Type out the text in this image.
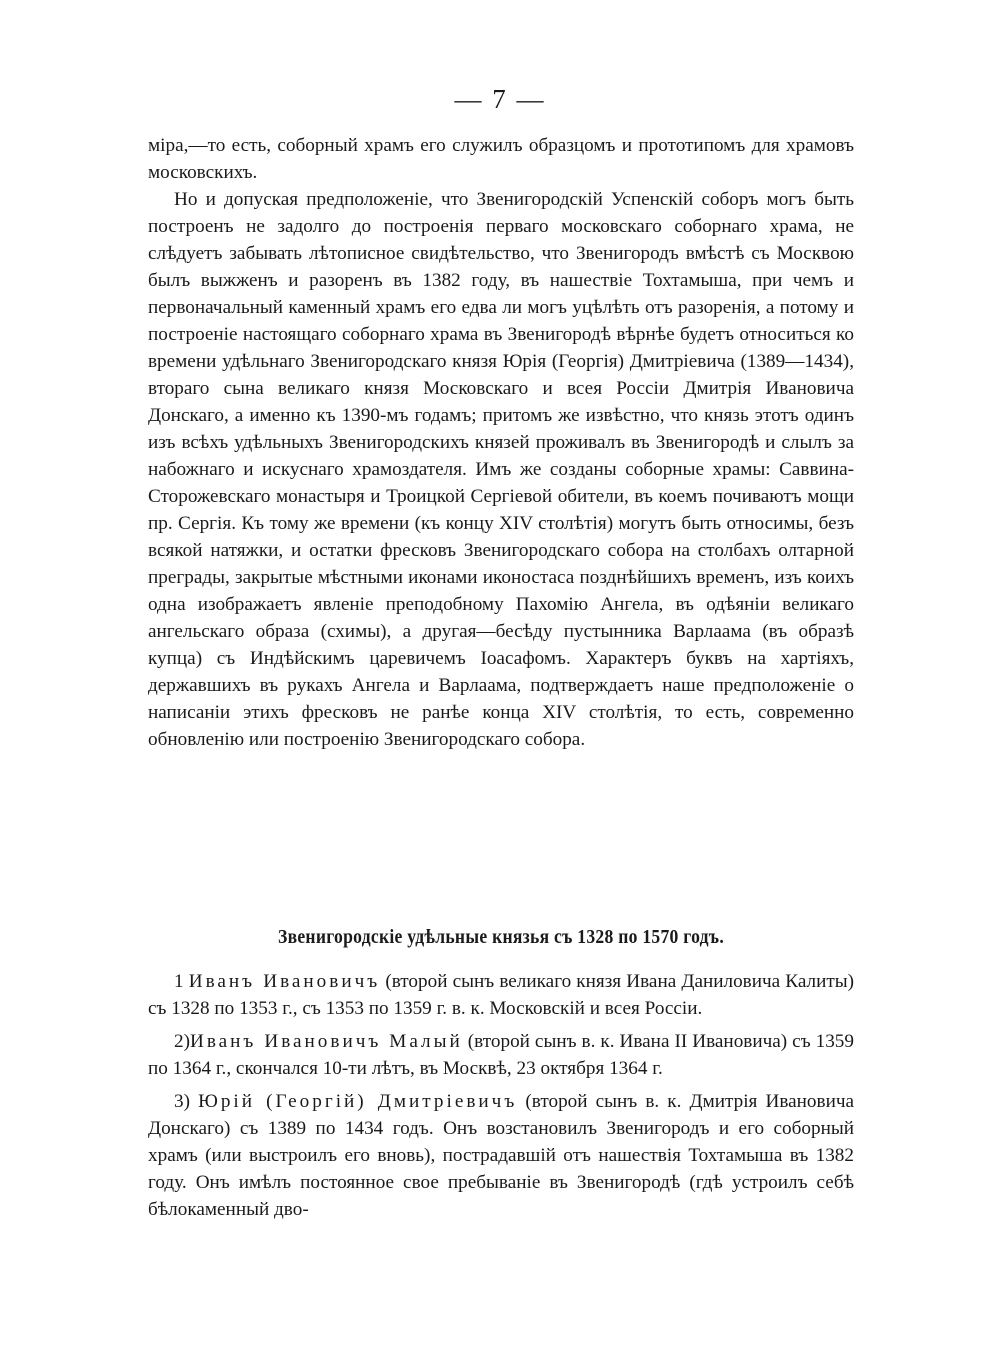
— 7 —

міра,—то есть, соборный храмъ его служилъ образцомъ и прототипомъ для храмовъ московскихъ.

Но и допуская предположеніе, что Звенигородскій Успенскій соборъ могъ быть построенъ не задолго до построенія перваго московскаго соборнаго храма, не слѣдуетъ забывать лѣтописное свидѣтельство, что Звенигородъ вмѣстѣ съ Москвою былъ выжженъ и разоренъ въ 1382 году, въ нашествіе Тохтамыша, при чемъ и первоначальный каменный храмъ его едва ли могъ уцѣлѣть отъ разоренія, а потому и построеніе настоящаго соборнаго храма въ Звенигородѣ вѣрнѣе будетъ относиться ко времени удѣльнаго Звенигородскаго князя Юрія (Георгія) Дмитріевича (1389—1434), втораго сына великаго князя Московскаго и всея Россіи Дмитрія Ивановича Донскаго, а именно къ 1390-мъ годамъ; притомъ же извѣстно, что князь этотъ одинъ изъ всѣхъ удѣльныхъ Звенигородскихъ князей проживалъ въ Звенигородѣ и слылъ за набожнаго и искуснаго храмоздателя. Имъ же созданы соборные храмы: Саввина-Сторожевскаго монастыря и Троицкой Сергіевой обители, въ коемъ почиваютъ мощи пр. Сергія. Къ тому же времени (къ концу XIV столѣтія) могутъ быть относимы, безъ всякой натяжки, и остатки фресковъ Звенигородскаго собора на столбахъ олтарной преграды, закрытые мѣстными иконами иконостаса позднѣйшихъ временъ, изъ коихъ одна изображаетъ явленіе преподобному Пахомію Ангела, въ одѣяніи великаго ангельскаго образа (схимы), а другая—бесѣду пустынника Варлаама (въ образѣ купца) съ Индѣйскимъ царевичемъ Іоасафомъ. Характеръ буквъ на хартіяхъ, державшихъ въ рукахъ Ангела и Варлаама, подтверждаетъ наше предположеніе о написаніи этихъ фресковъ не ранѣе конца XIV столѣтія, то есть, современно обновленію или построенію Звенигородскаго собора.

Звенигородскіе удѣльные князья съ 1328 по 1570 годъ.

1 Иванъ Ивановичъ (второй сынъ великаго князя Ивана Даниловича Калиты) съ 1328 по 1353 г., съ 1353 по 1359 г. в. к. Московскій и всея Россіи.

2)Иванъ Ивановичъ Малый (второй сынъ в. к. Ивана II Ивановича) съ 1359 по 1364 г., скончался 10-ти лѣтъ, въ Москвѣ, 23 октября 1364 г.

3) Юрій (Георгій) Дмитріевичъ (второй сынъ в. к. Дмитрія Ивановича Донскаго) съ 1389 по 1434 годъ. Онъ возстановилъ Звенигородъ и его соборный храмъ (или выстроилъ его вновь), пострадавшій отъ нашествія Тохтамыша въ 1382 году. Онъ имѣлъ постоянное свое пребываніе въ Звенигородѣ (гдѣ устроилъ себѣ бѣлокаменный дво-
